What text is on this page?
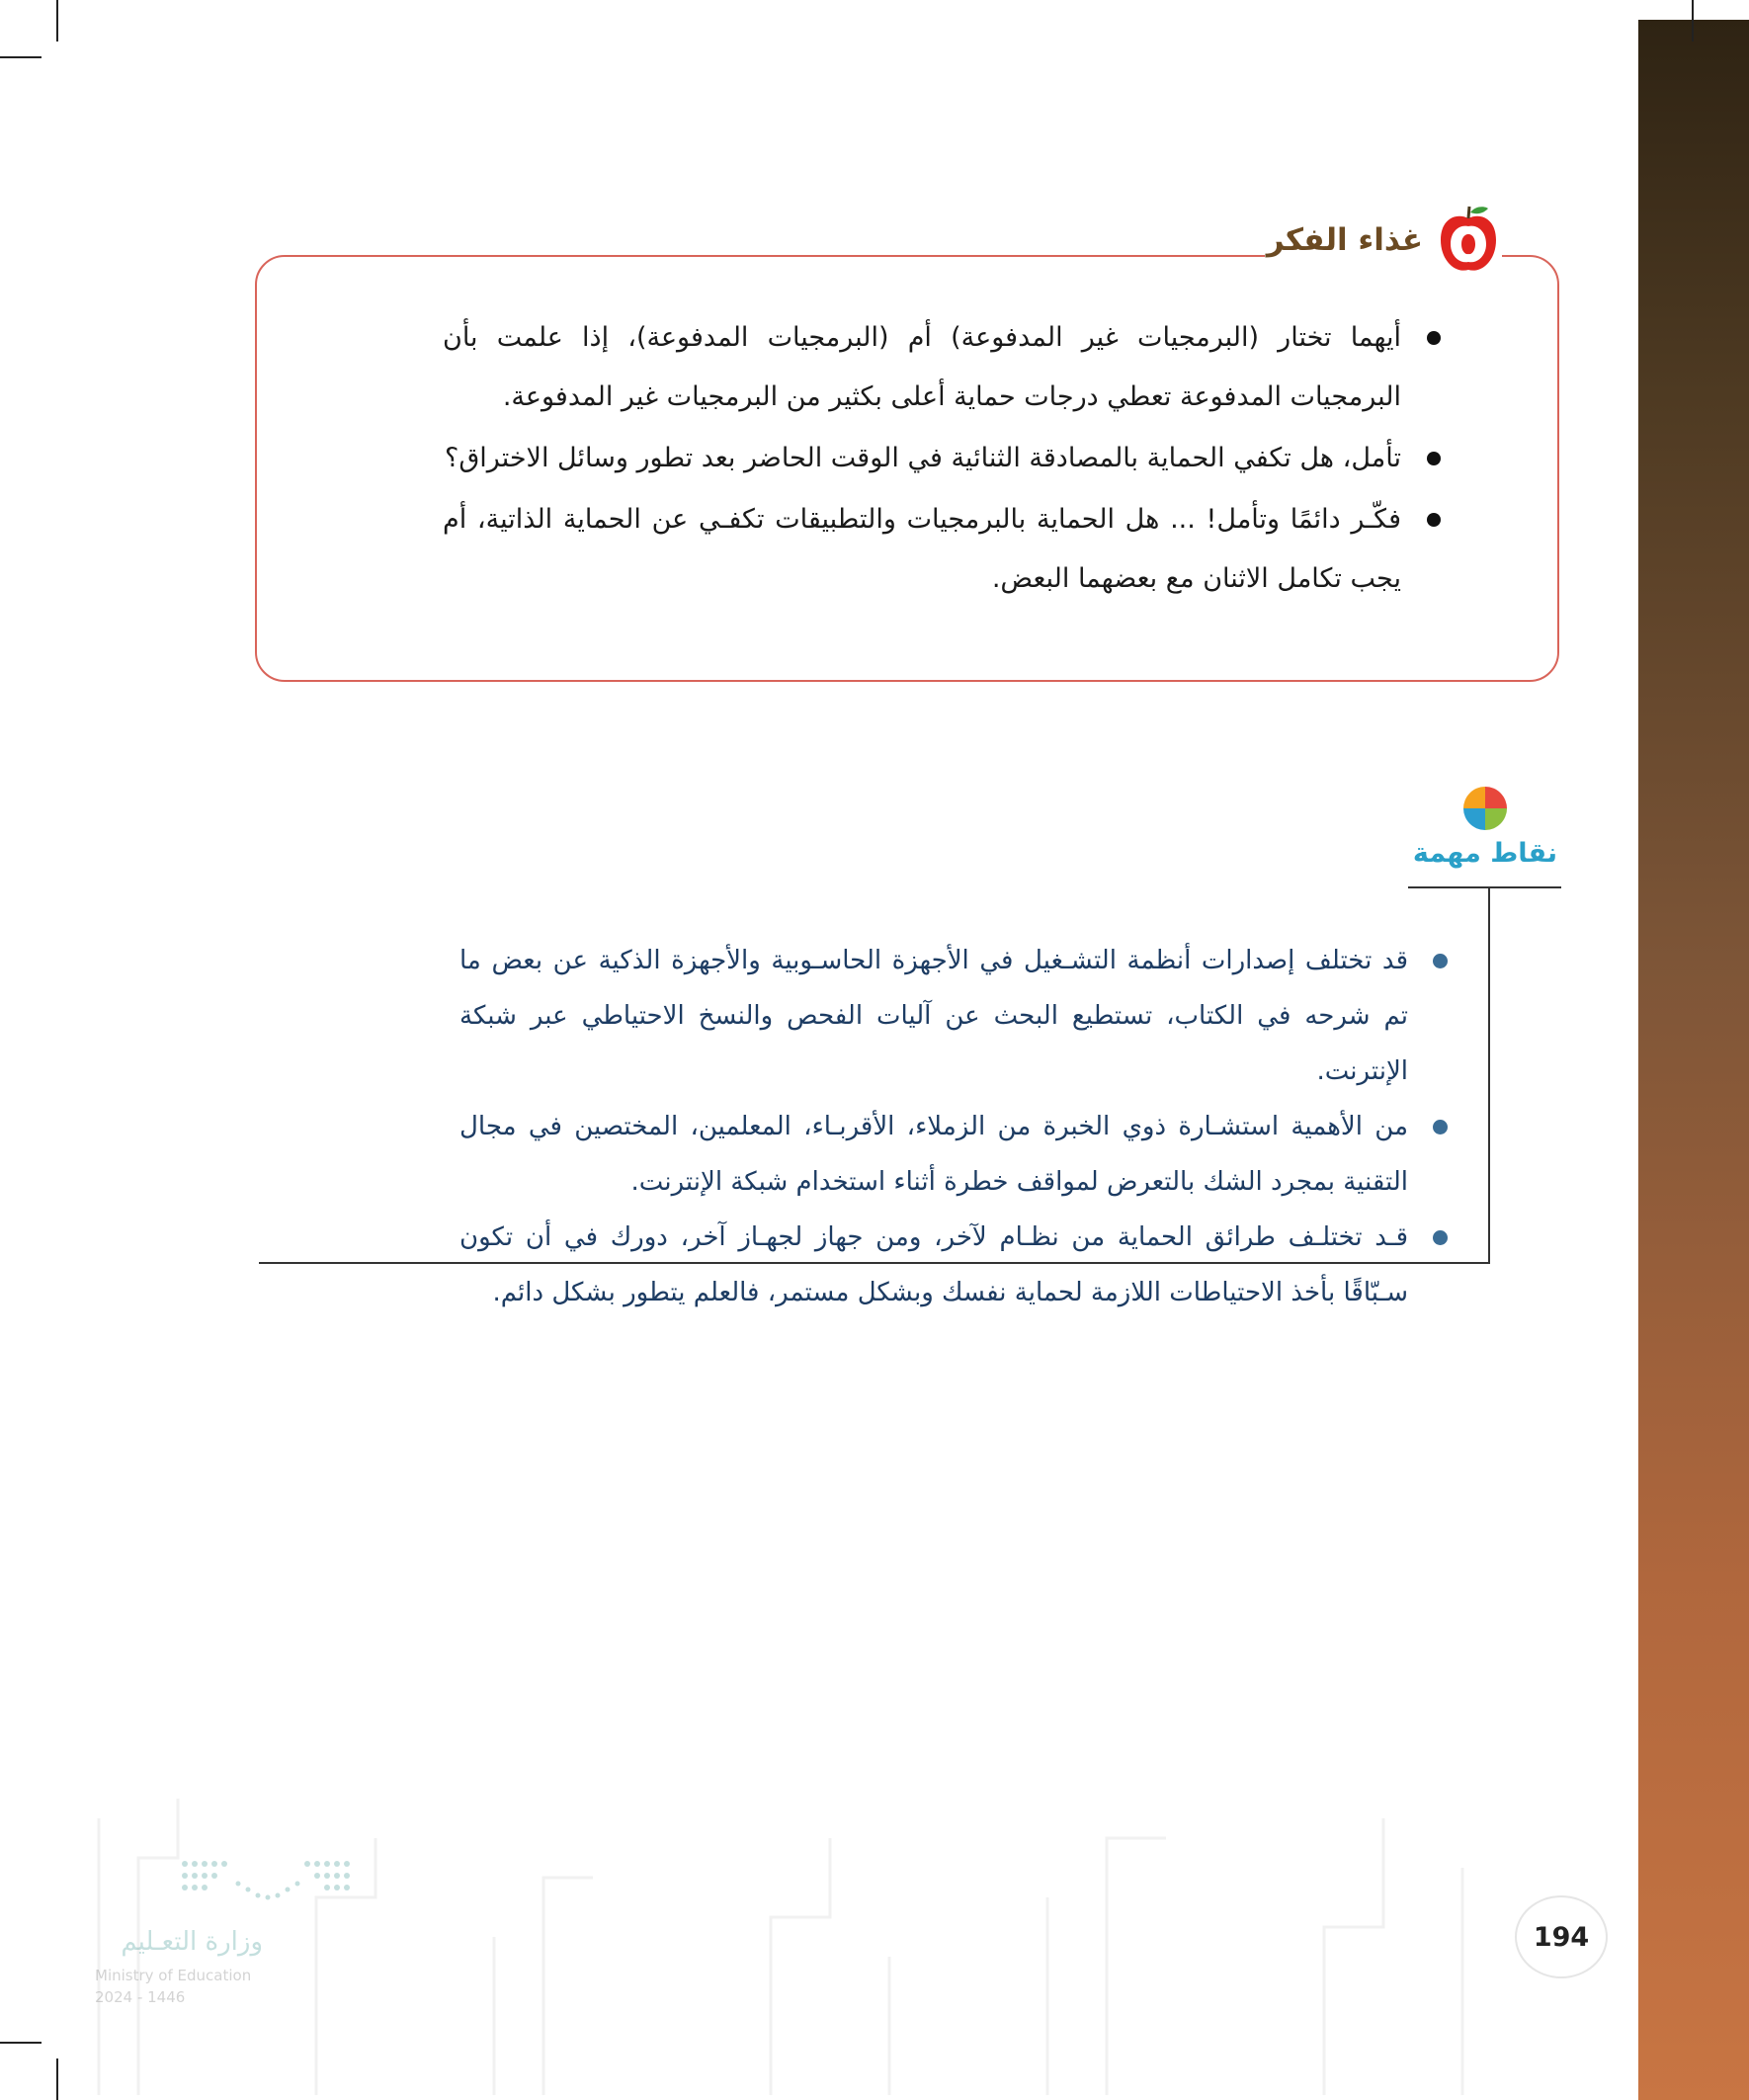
غذاء الفكر
أيهما تختار (البرمجيات غير المدفوعة) أم (البرمجيات المدفوعة)، إذا علمت بأن البرمجيات المدفوعة تعطي درجات حماية أعلى بكثير من البرمجيات غير المدفوعة.
تأمل، هل تكفي الحماية بالمصادقة الثنائية في الوقت الحاضر بعد تطور وسائل الاختراق؟
فكّـر دائمًا وتأمل! ... هل الحماية بالبرمجيات والتطبيقات تكفـي عن الحماية الذاتية، أم يجب تكامل الاثنان مع بعضهما البعض.
نقاط مهمة
قد تختلف إصدارات أنظمة التشـغيل في الأجهزة الحاسـوبية والأجهزة الذكية عن بعض ما تم شرحه في الكتاب، تستطيع البحث عن آليات الفحص والنسخ الاحتياطي عبر شبكة الإنترنت.
من الأهمية استشـارة ذوي الخبرة من الزملاء، الأقربـاء، المعلمين، المختصين في مجال التقنية بمجرد الشك بالتعرض لمواقف خطرة أثناء استخدام شبكة الإنترنت.
قـد تختلـف طرائق الحماية من نظـام لآخر، ومن جهاز لجهـاز آخر، دورك في أن تكون سـبّاقًا بأخذ الاحتياطات اللازمة لحماية نفسك وبشكل مستمر، فالعلم يتطور بشكل دائم.
وزارة التعـليم
Ministry of Education
2024 - 1446
194
